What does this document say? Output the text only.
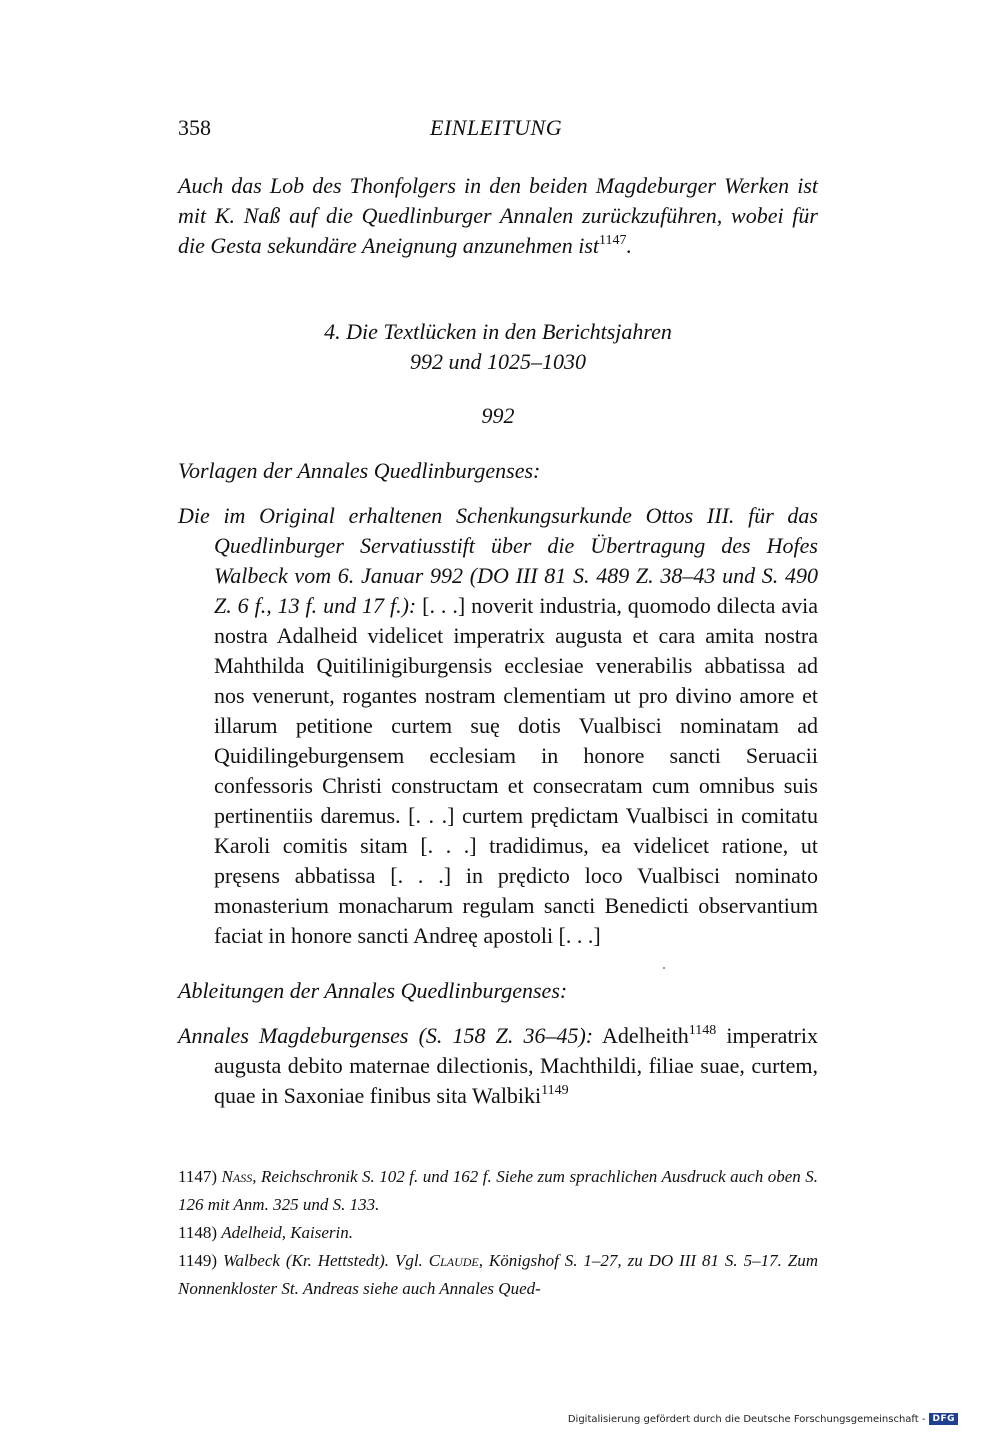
358	EINLEITUNG
Auch das Lob des Thonfolgers in den beiden Magdeburger Werken ist mit K. Naß auf die Quedlinburger Annalen zurückzuführen, wobei für die Gesta sekundäre Aneignung anzunehmen ist$^{1147}$.
4. Die Textlücken in den Berichtsjahren
992 und 1025–1030
992
Vorlagen der Annales Quedlinburgenses:
Die im Original erhaltenen Schenkungsurkunde Ottos III. für das Quedlinburger Servatiusstift über die Übertragung des Hofes Walbeck vom 6. Januar 992 (DO III 81 S. 489 Z. 38–43 und S. 490 Z. 6 f., 13 f. und 17 f.): [. . .] noverit industria, quomodo dilecta avia nostra Adalheid videlicet imperatrix augusta et cara amita nostra Mahthilda Quitilinigiburgensis ecclesiae venerabilis abbatissa ad nos venerunt, rogantes nostram clementiam ut pro divino amore et illarum petitione curtem suę dotis Vualbisci nominatam ad Quidilingeburgensem ecclesiam in honore sancti Seruacii confessoris Christi constructam et consecratam cum omnibus suis pertinentiis daremus. [. . .] curtem prędictam Vualbisci in comitatu Karoli comitis sitam [. . .] tradidimus, ea videlicet ratione, ut pręsens abbatissa [. . .] in prędicto loco Vualbisci nominato monasterium monacharum regulam sancti Benedicti observantium faciat in honore sancti Andreę apostoli [. . .]
Ableitungen der Annales Quedlinburgenses:
Annales Magdeburgenses (S. 158 Z. 36–45): Adelheith$^{1148}$ imperatrix augusta debito maternae dilectionis, Machthildi, filiae suae, curtem, quae in Saxoniae finibus sita Walbiki$^{1149}$
1147) Nass, Reichschronik S. 102 f. und 162 f. Siehe zum sprachlichen Ausdruck auch oben S. 126 mit Anm. 325 und S. 133.
1148) Adelheid, Kaiserin.
1149) Walbeck (Kr. Hettstedt). Vgl. Claude, Königshof S. 1–27, zu DO III 81 S. 5–17. Zum Nonnenkloster St. Andreas siehe auch Annales Qued-
Digitalisierung gefördert durch die Deutsche Forschungsgemeinschaft - DFG
